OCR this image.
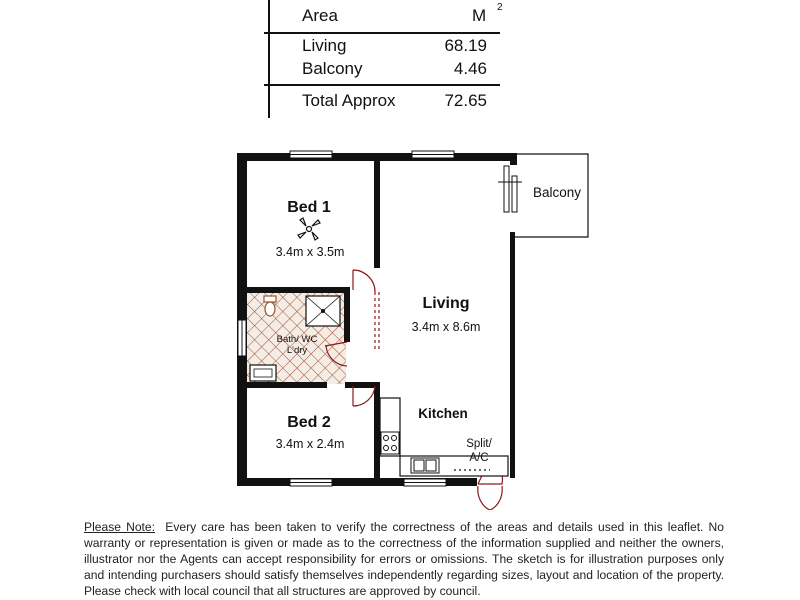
Area	M 2
Living	68.19
Balcony	4.46
Total Approx	72.65
Bed 1
3.4m x 3.5m
Bath/ WC
L'dry
Bed 2
3.4m x 2.4m
Living
3.4m x 8.6m
Kitchen
Split/
A/C
Balcony
Please Note: Every care has been taken to verify the correctness of the areas and details used in this leaflet. No warranty or representation is given or made as to the correctness of the information supplied and neither the owners, illustrator nor the Agents can accept responsibility for errors or omissions. The sketch is for illustration purposes only and intending purchasers should satisfy themselves independently regarding sizes, layout and location of the property. Please check with local council that all structures are approved by council.
